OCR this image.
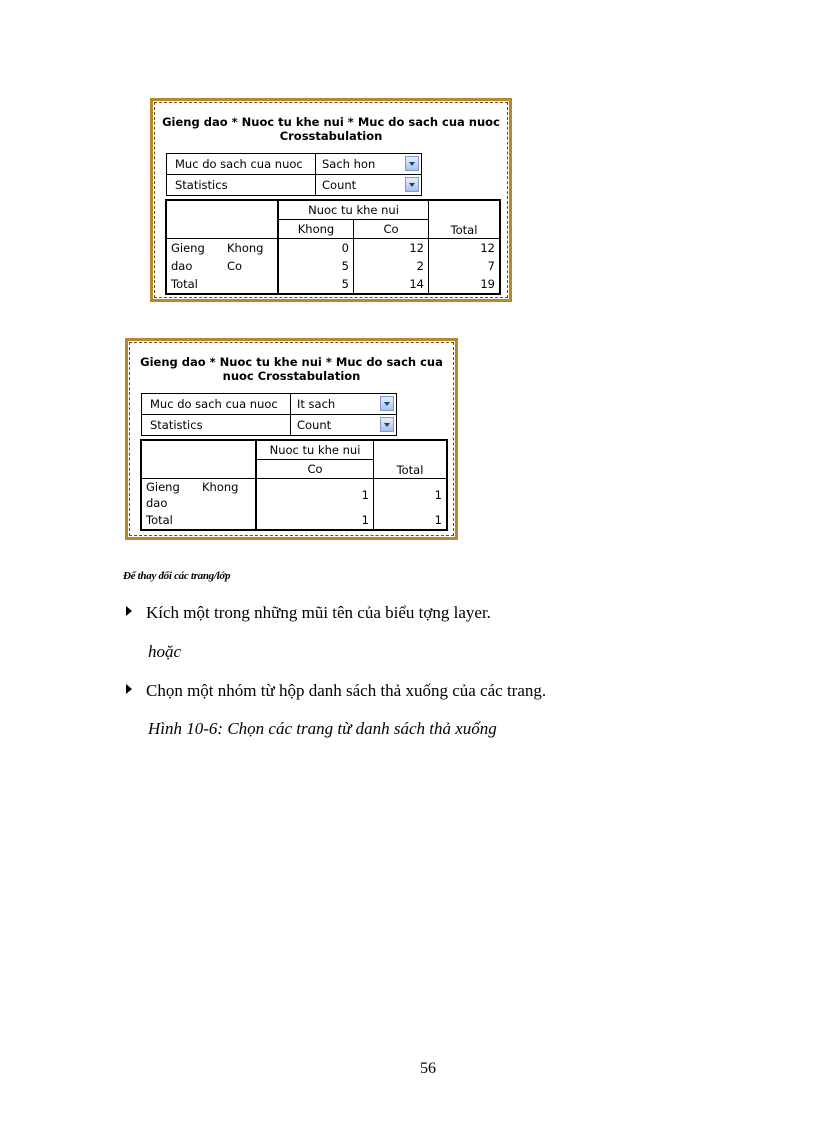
Gieng dao * Nuoc tu khe nui * Muc do sach cua nuoc
Crosstabulation
Muc do sach cua nuoc	Sach hon

Statistics	Count
		Nuoc tu khe nui		Total
		Khong	Co	
Gieng	Khong	0	12	12
dao	Co	5	2	7
Total		5	14	19
Gieng dao * Nuoc tu khe nui * Muc do sach cua
nuoc Crosstabulation
Muc do sach cua nuoc	It sach

Statistics	Count
		Nuoc tu khe nui	Total
		Co	

Gieng
dao	Khong	1	1
Total		1	1
Để thay đổi các trang/lớp
Kích một trong những mũi tên của biểu tợng layer.
hoặc
Chọn một nhóm từ hộp danh sách thả xuống của các trang.
Hình 10-6: Chọn các trang từ danh sách thả xuống
56
